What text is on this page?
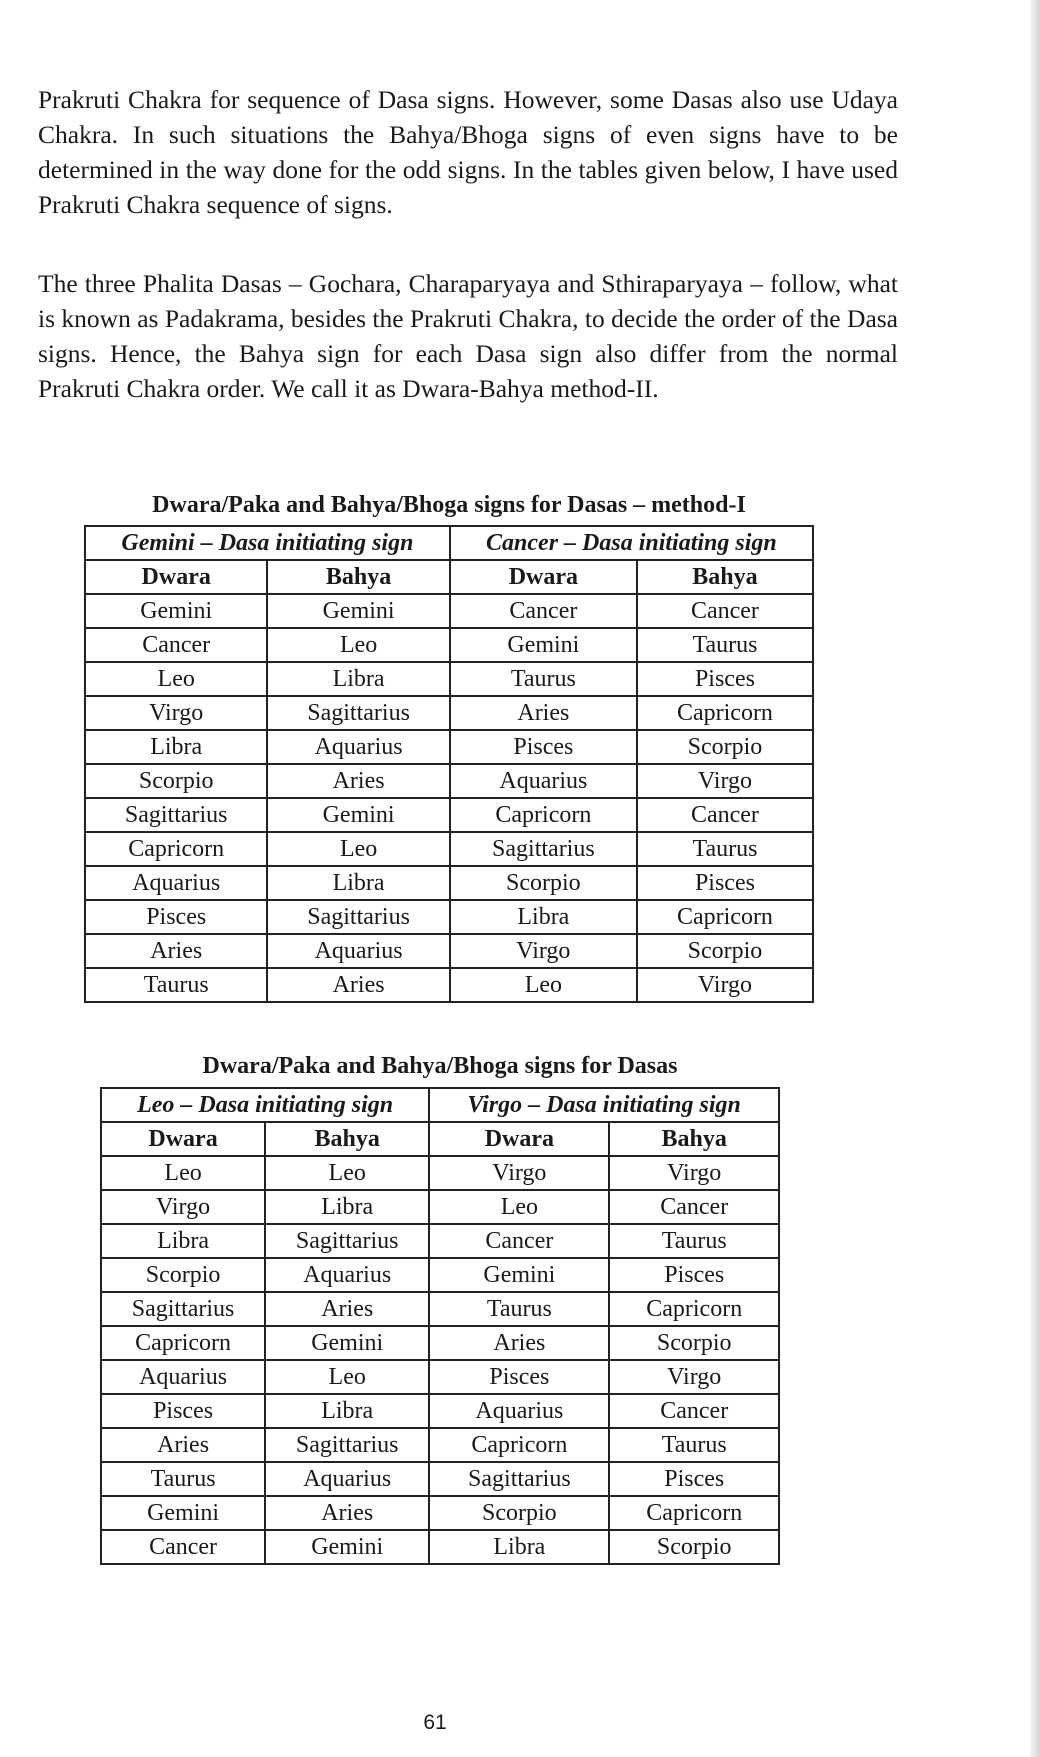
Prakruti Chakra for sequence of Dasa signs. However, some Dasas also use Udaya Chakra. In such situations the Bahya/Bhoga signs of even signs have to be determined in the way done for the odd signs. In the tables given below, I have used Prakruti Chakra sequence of signs.

The three Phalita Dasas – Gochara, Charaparyaya and Sthiraparyaya – follow, what is known as Padakrama, besides the Prakruti Chakra, to decide the order of the Dasa signs. Hence, the Bahya sign for each Dasa sign also differ from the normal Prakruti Chakra order. We call it as Dwara-Bahya method-II.

Dwara/Paka and Bahya/Bhoga signs for Dasas – method-I
Gemini – Dasa initiating sign		Cancer – Dasa initiating sign	
Dwara	Bahya	Dwara	Bahya
Gemini	Gemini	Cancer	Cancer
Cancer	Leo	Gemini	Taurus
Leo	Libra	Taurus	Pisces
Virgo	Sagittarius	Aries	Capricorn
Libra	Aquarius	Pisces	Scorpio
Scorpio	Aries	Aquarius	Virgo
Sagittarius	Gemini	Capricorn	Cancer
Capricorn	Leo	Sagittarius	Taurus
Aquarius	Libra	Scorpio	Pisces
Pisces	Sagittarius	Libra	Capricorn
Aries	Aquarius	Virgo	Scorpio
Taurus	Aries	Leo	Virgo
Dwara/Paka and Bahya/Bhoga signs for Dasas
Leo – Dasa initiating sign		Virgo – Dasa initiating sign	
Dwara	Bahya	Dwara	Bahya
Leo	Leo	Virgo	Virgo
Virgo	Libra	Leo	Cancer
Libra	Sagittarius	Cancer	Taurus
Scorpio	Aquarius	Gemini	Pisces
Sagittarius	Aries	Taurus	Capricorn
Capricorn	Gemini	Aries	Scorpio
Aquarius	Leo	Pisces	Virgo
Pisces	Libra	Aquarius	Cancer
Aries	Sagittarius	Capricorn	Taurus
Taurus	Aquarius	Sagittarius	Pisces
Gemini	Aries	Scorpio	Capricorn
Cancer	Gemini	Libra	Scorpio
61
